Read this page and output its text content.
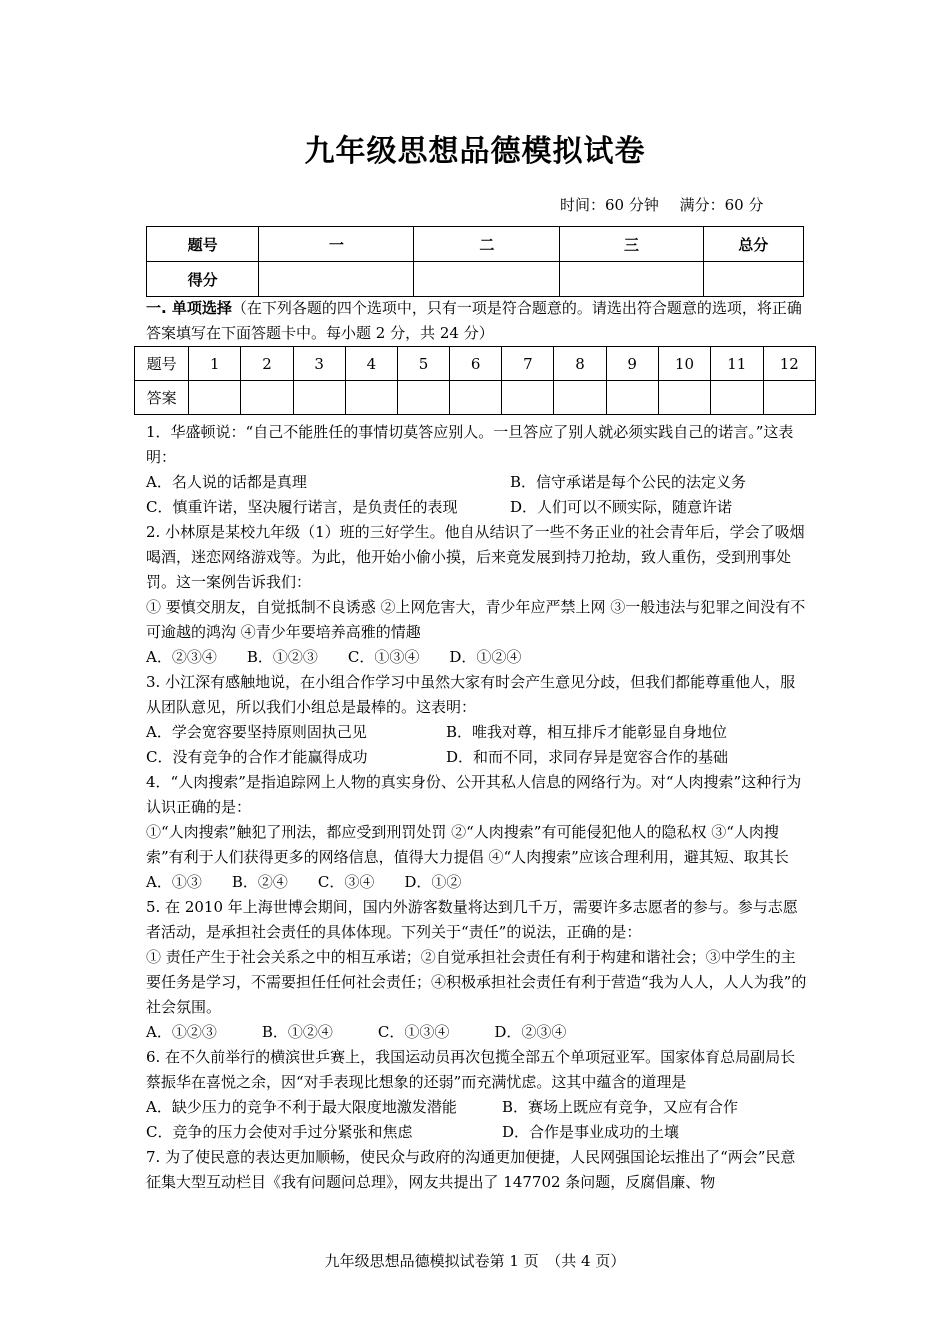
九年级思想品德模拟试卷
时间：60 分钟 满分：60 分
题号	一	二	三	总分
得分				
一. 单项选择（在下列各题的四个选项中，只有一项是符合题意的。请选出符合题意的选项，将正确答案填写在下面答题卡中。每小题 2 分，共 24 分）
题号	1	2	3	4	5	6	7	8	9	10	11	12
答案												

1．华盛顿说：“自己不能胜任的事情切莫答应别人。一旦答应了别人就必须实践自己的诺言。”这表明：

A．名人说的话都是真理	B．信守承诺是每个公民的法定义务
C．慎重许诺，坚决履行诺言，是负责任的表现	D．人们可以不顾实际，随意许诺

2. 小林原是某校九年级（1）班的三好学生。他自从结识了一些不务正业的社会青年后，学会了吸烟喝酒，迷恋网络游戏等。为此，他开始小偷小摸，后来竟发展到持刀抢劫，致人重伤，受到刑事处罚。这一案例告诉我们：

① 要慎交朋友，自觉抵制不良诱惑 ②上网危害大，青少年应严禁上网 ③一般违法与犯罪之间没有不可逾越的鸿沟 ④青少年要培养高雅的情趣

A．②③④　　B．①②③　　C．①③④　　D．①②④

3. 小江深有感触地说，在小组合作学习中虽然大家有时会产生意见分歧，但我们都能尊重他人，服从团队意见，所以我们小组总是最棒的。这表明：

A．学会宽容要坚持原则固执己见	B．唯我对尊，相互排斥才能彰显自身地位
C．没有竞争的合作才能赢得成功	D．和而不同，求同存异是宽容合作的基础

4．“人肉搜索”是指追踪网上人物的真实身份、公开其私人信息的网络行为。对“人肉搜索”这种行为认识正确的是：

①“人肉搜索”触犯了刑法，都应受到刑罚处罚 ②“人肉搜索”有可能侵犯他人的隐私权 ③“人肉搜索”有利于人们获得更多的网络信息，值得大力提倡 ④“人肉搜索”应该合理利用，避其短、取其长

A．①③　　B．②④　　C．③④　　D．①②

5. 在 2010 年上海世博会期间，国内外游客数量将达到几千万，需要许多志愿者的参与。参与志愿者活动，是承担社会责任的具体体现。下列关于“责任”的说法，正确的是：

① 责任产生于社会关系之中的相互承诺；②自觉承担社会责任有利于构建和谐社会；③中学生的主要任务是学习，不需要担任任何社会责任；④积极承担社会责任有利于营造“我为人人，人人为我”的社会氛围。

A．①②③　　　B．①②④　　　C．①③④　　　D．②③④

6. 在不久前举行的横滨世乒赛上，我国运动员再次包揽全部五个单项冠亚军。国家体育总局副局长蔡振华在喜悦之余，因“对手表现比想象的还弱”而充满忧虑。这其中蕴含的道理是

A．缺少压力的竞争不利于最大限度地激发潜能	B．赛场上既应有竞争，又应有合作
C．竞争的压力会使对手过分紧张和焦虑	D．合作是事业成功的土壤

7. 为了使民意的表达更加顺畅，使民众与政府的沟通更加便捷，人民网强国论坛推出了“两会”民意征集大型互动栏目《我有问题问总理》，网友共提出了 147702 条问题，反腐倡廉、物

九年级思想品德模拟试卷第 1 页　（共 4 页）
